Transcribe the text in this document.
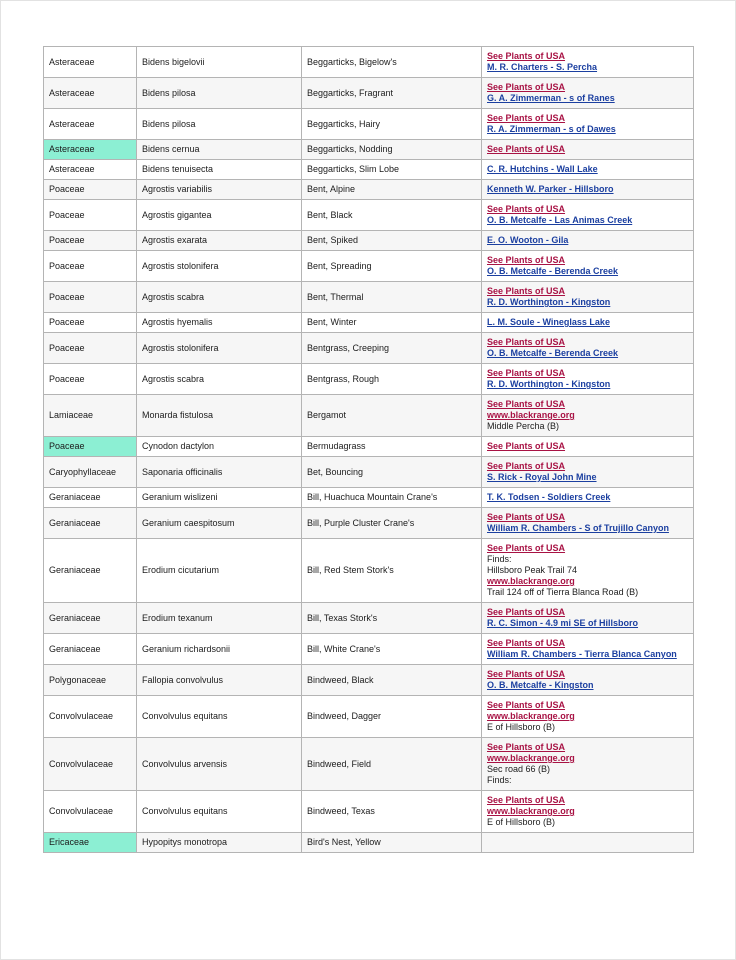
Asteraceae	Bidens bigelovii	Beggarticks, Bigelow's	See Plants of USA
M. R. Charters - S. Percha

Asteraceae	Bidens pilosa	Beggarticks, Fragrant	See Plants of USA
G. A. Zimmerman - s of Ranes

Asteraceae	Bidens pilosa	Beggarticks, Hairy	See Plants of USA
R. A. Zimmerman - s of Dawes

Asteraceae	Bidens cernua	Beggarticks, Nodding	See Plants of USA

Asteraceae	Bidens tenuisecta	Beggarticks, Slim Lobe	C. R. Hutchins - Wall Lake

Poaceae	Agrostis variabilis	Bent, Alpine	Kenneth W. Parker - Hillsboro

Poaceae	Agrostis gigantea	Bent, Black	See Plants of USA
O. B. Metcalfe - Las Animas Creek

Poaceae	Agrostis exarata	Bent, Spiked	E. O. Wooton - Gila

Poaceae	Agrostis stolonifera	Bent, Spreading	See Plants of USA
O. B. Metcalfe - Berenda Creek

Poaceae	Agrostis scabra	Bent, Thermal	See Plants of USA
R. D. Worthington - Kingston

Poaceae	Agrostis hyemalis	Bent, Winter	L. M. Soule - Wineglass Lake

Poaceae	Agrostis stolonifera	Bentgrass, Creeping	See Plants of USA
O. B. Metcalfe - Berenda Creek

Poaceae	Agrostis scabra	Bentgrass, Rough	See Plants of USA
R. D. Worthington - Kingston

Lamiaceae	Monarda fistulosa	Bergamot	See Plants of USA
www.blackrange.org
Middle Percha (B)

Poaceae	Cynodon dactylon	Bermudagrass	See Plants of USA

Caryophyllaceae	Saponaria officinalis	Bet, Bouncing	See Plants of USA
S. Rick - Royal John Mine

Geraniaceae	Geranium wislizeni	Bill, Huachuca Mountain Crane's	T. K. Todsen - Soldiers Creek

Geraniaceae	Geranium caespitosum	Bill, Purple Cluster Crane's	See Plants of USA
William R. Chambers - S of Trujillo Canyon

Geraniaceae	Erodium cicutarium	Bill, Red Stem Stork's	See Plants of USA
Finds:
Hillsboro Peak Trail 74
www.blackrange.org
Trail 124 off of Tierra Blanca Road (B)

Geraniaceae	Erodium texanum	Bill, Texas Stork's	See Plants of USA
R. C. Simon - 4.9 mi SE of Hillsboro

Geraniaceae	Geranium richardsonii	Bill, White Crane's	See Plants of USA
William R. Chambers - Tierra Blanca Canyon

Polygonaceae	Fallopia convolvulus	Bindweed, Black	See Plants of USA
O. B. Metcalfe - Kingston

Convolvulaceae	Convolvulus equitans	Bindweed, Dagger	See Plants of USA
www.blackrange.org
E of Hillsboro (B)

Convolvulaceae	Convolvulus arvensis	Bindweed, Field	See Plants of USA
www.blackrange.org
Sec road 66 (B)
Finds:

Convolvulaceae	Convolvulus equitans	Bindweed, Texas	See Plants of USA
www.blackrange.org
E of Hillsboro (B)

Ericaceae	Hypopitys monotropa	Bird's Nest, Yellow	
